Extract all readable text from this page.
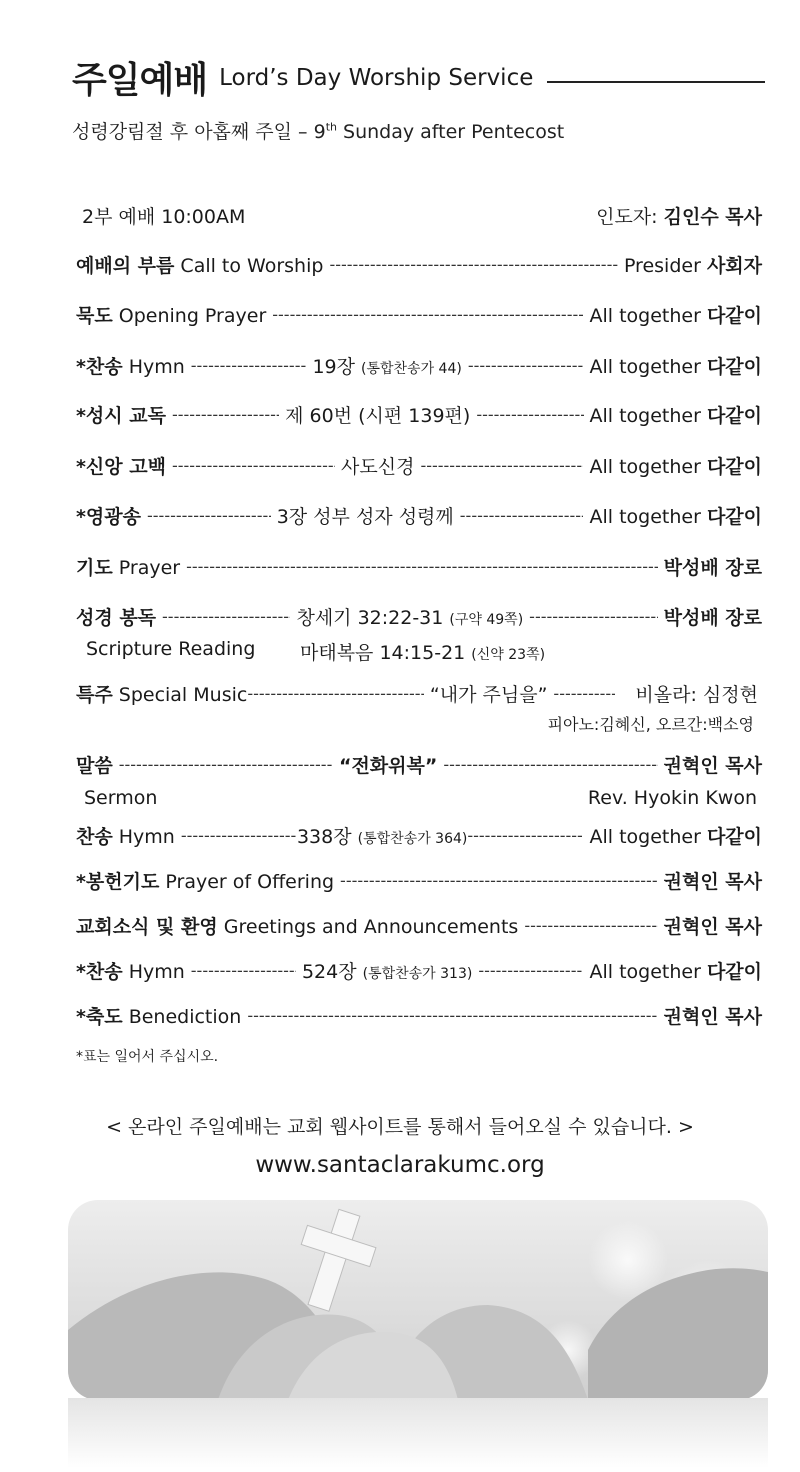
주일예배 Lord’s Day Worship Service
성령강림절 후 아홉째 주일 – 9th Sunday after Pentecost
2부 예배 10:00AM	인도자: 김인수 목사
예배의 부름 Call to Worship -----	Presider 사회자
묵도 Opening Prayer -----	All together 다같이
*찬송 Hymn -----	19장 (통합찬송가 44) -----	All together 다같이
*성시 교독 -----	제 60번 (시편 139편) -----	All together 다같이
*신앙 고백 -----	사도신경 -----	All together 다같이
*영광송 -----	3장 성부 성자 성령께 -----	All together 다같이
기도 Prayer -----	박성배 장로
성경 봉독 -----	창세기 32:22-31 (구약 49쪽) -----	박성배 장로
Scripture Reading 마태복음 14:15-21 (신약 23쪽)
특주 Special Music -----	“내가 주님을” -----	비올라: 심정현
피아노:김혜신, 오르간:백소영
말씀 -----	“전화위복” -----	권혁인 목사
Sermon	Rev. Hyokin Kwon
찬송 Hymn -----	338장 (통합찬송가 364) -----	All together 다같이
*봉헌기도 Prayer of Offering -----	권혁인 목사
교회소식 및 환영 Greetings and Announcements -----	권혁인 목사
*찬송 Hymn -----	524장 (통합찬송가 313) -----	All together 다같이
*축도 Benediction -----	권혁인 목사
*표는 일어서 주십시오.
< 온라인 주일예배는 교회 웹사이트를 통해서 들어오실 수 있습니다. >
www.santaclarakumc.org
